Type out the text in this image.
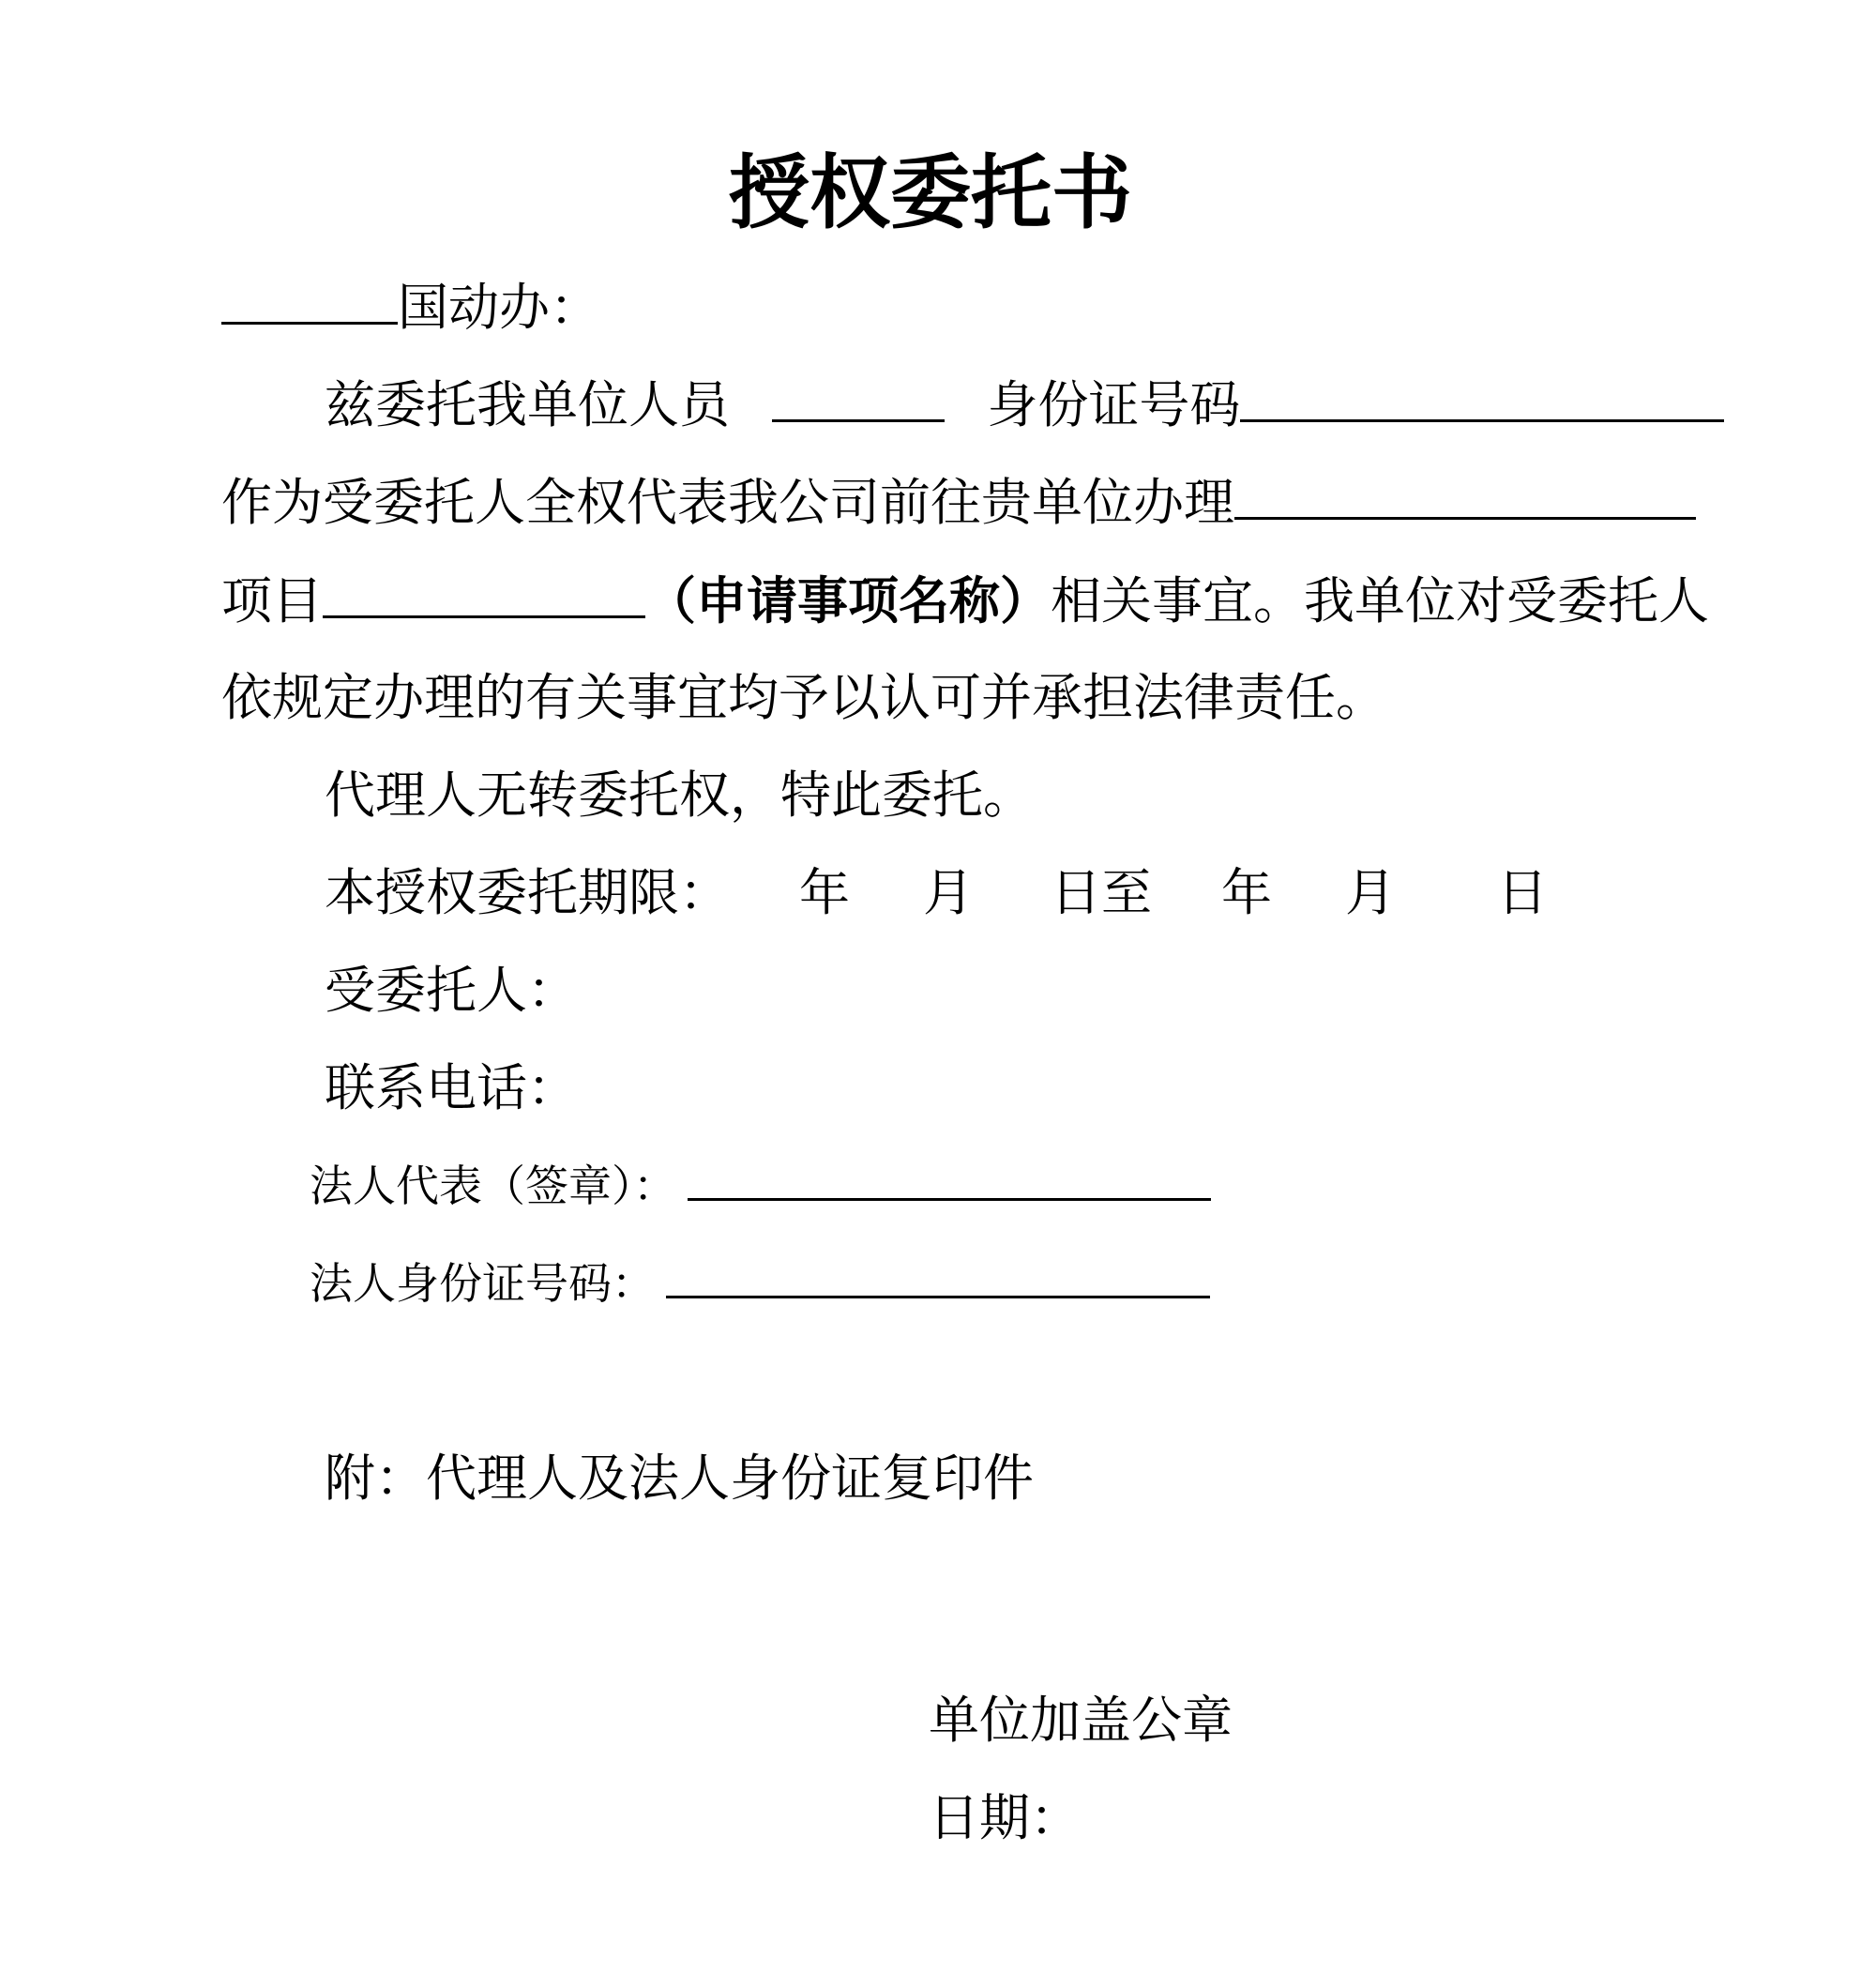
授权委托书
国动办：
兹委托我单位人员	身份证号码
作为受委托人全权代表我公司前往贵单位办理
项目	（申请事项名称）相关事宜。我单位对受委托人
依规定办理的有关事宜均予以认可并承担法律责任。
代理人无转委托权，特此委托。
本授权委托期限： 年 月 日至 年 月 日
受委托人：
联系电话：
法人代表（签章）：
法人身份证号码：
附：代理人及法人身份证复印件
单位加盖公章
日期：
